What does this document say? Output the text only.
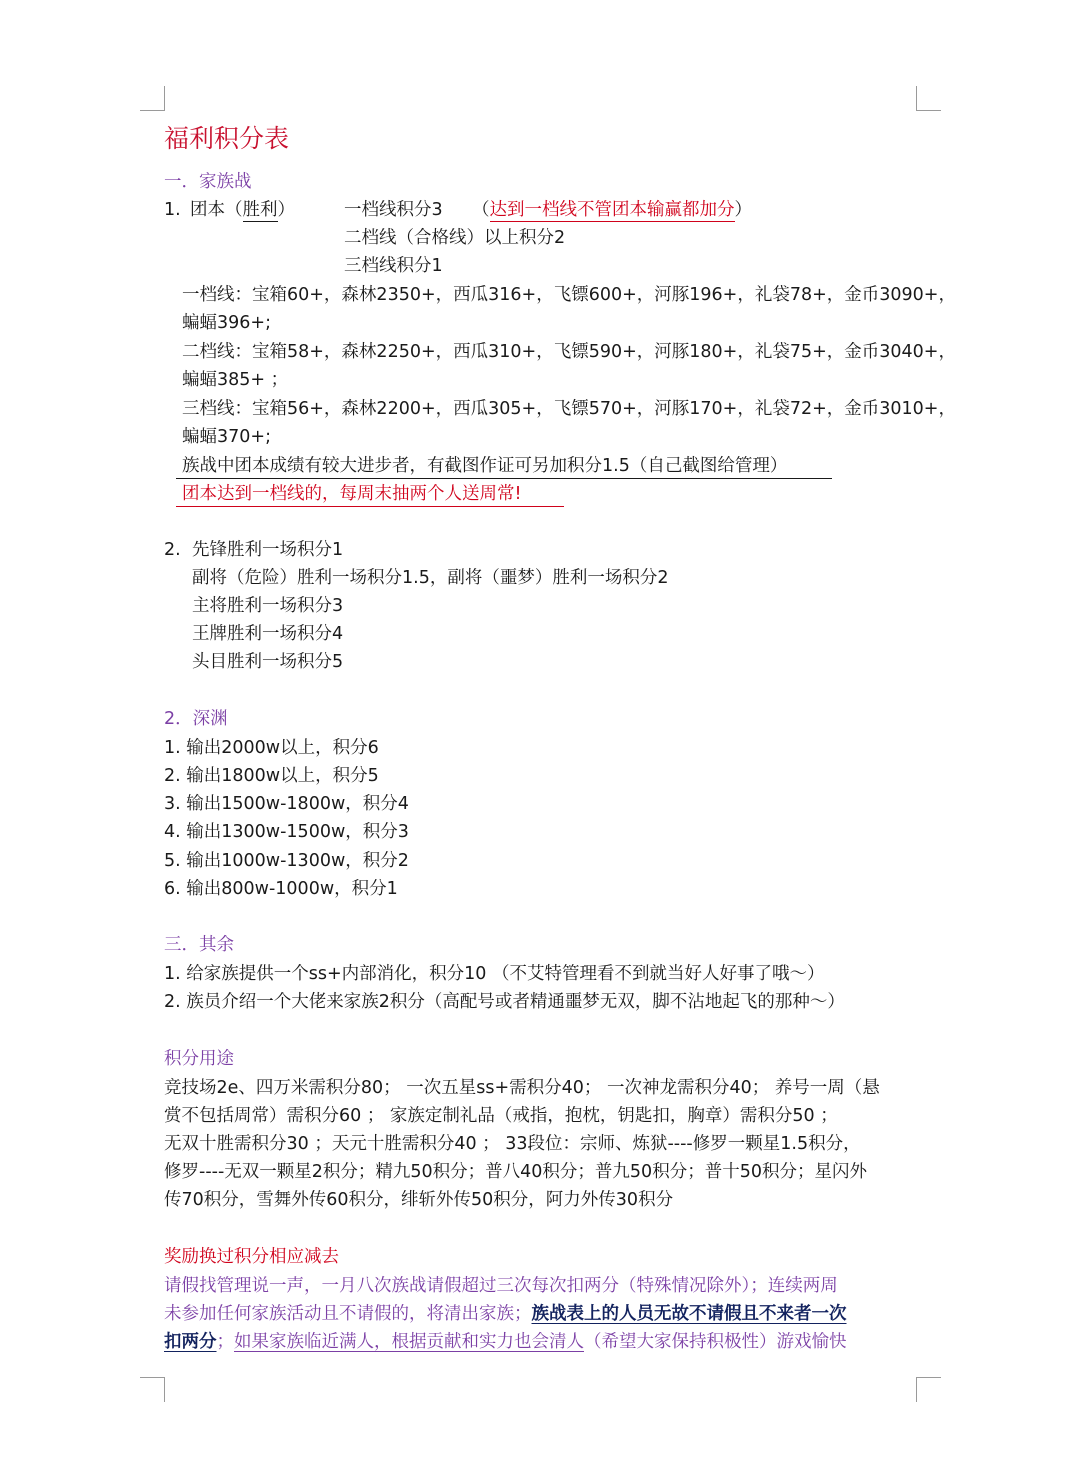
福利积分表
一．家族战
1. 团本（胜利）	一档线积分3 （达到一档线不管团本输赢都加分）
二档线（合格线）以上积分2
三档线积分1
一档线：宝箱60+，森林2350+，西瓜316+，飞镖600+，河豚196+，礼袋78+，金币3090+，
蝙蝠396+;
二档线：宝箱58+，森林2250+，西瓜310+，飞镖590+，河豚180+，礼袋75+，金币3040+，
蝙蝠385+ ；
三档线：宝箱56+，森林2200+，西瓜305+，飞镖570+，河豚170+，礼袋72+，金币3010+，
蝙蝠370+;
族战中团本成绩有较大进步者，有截图作证可另加积分1.5（自己截图给管理）
团本达到一档线的，每周末抽两个人送周常!
2. 先锋胜利一场积分1
副将（危险）胜利一场积分1.5，副将（噩梦）胜利一场积分2
主将胜利一场积分3
王牌胜利一场积分4
头目胜利一场积分5
2．深渊
1. 输出2000w以上，积分6
2. 输出1800w以上，积分5
3. 输出1500w-1800w，积分4
4. 输出1300w-1500w，积分3
5. 输出1000w-1300w，积分2
6. 输出800w-1000w，积分1
三．其余
1. 给家族提供一个ss+内部消化，积分10 （不艾特管理看不到就当好人好事了哦～）
2. 族员介绍一个大佬来家族2积分（高配号或者精通噩梦无双，脚不沾地起飞的那种～）
积分用途
竞技场2e、四万米需积分80； 一次五星ss+需积分40； 一次神龙需积分40； 养号一周（悬
赏不包括周常）需积分60 ； 家族定制礼品（戒指，抱枕，钥匙扣，胸章）需积分50 ；
无双十胜需积分30 ；天元十胜需积分40 ； 33段位：宗师、炼狱----修罗一颗星1.5积分，
修罗----无双一颗星2积分；精九50积分；普八40积分；普九50积分；普十50积分；星闪外
传70积分，雪舞外传60积分，绯斩外传50积分，阿力外传30积分
奖励换过积分相应减去
请假找管理说一声，一月八次族战请假超过三次每次扣两分（特殊情况除外）；连续两周
未参加任何家族活动且不请假的，将清出家族；族战表上的人员无故不请假且不来者一次
扣两分；如果家族临近满人，根据贡献和实力也会清人（希望大家保持积极性）游戏愉快
